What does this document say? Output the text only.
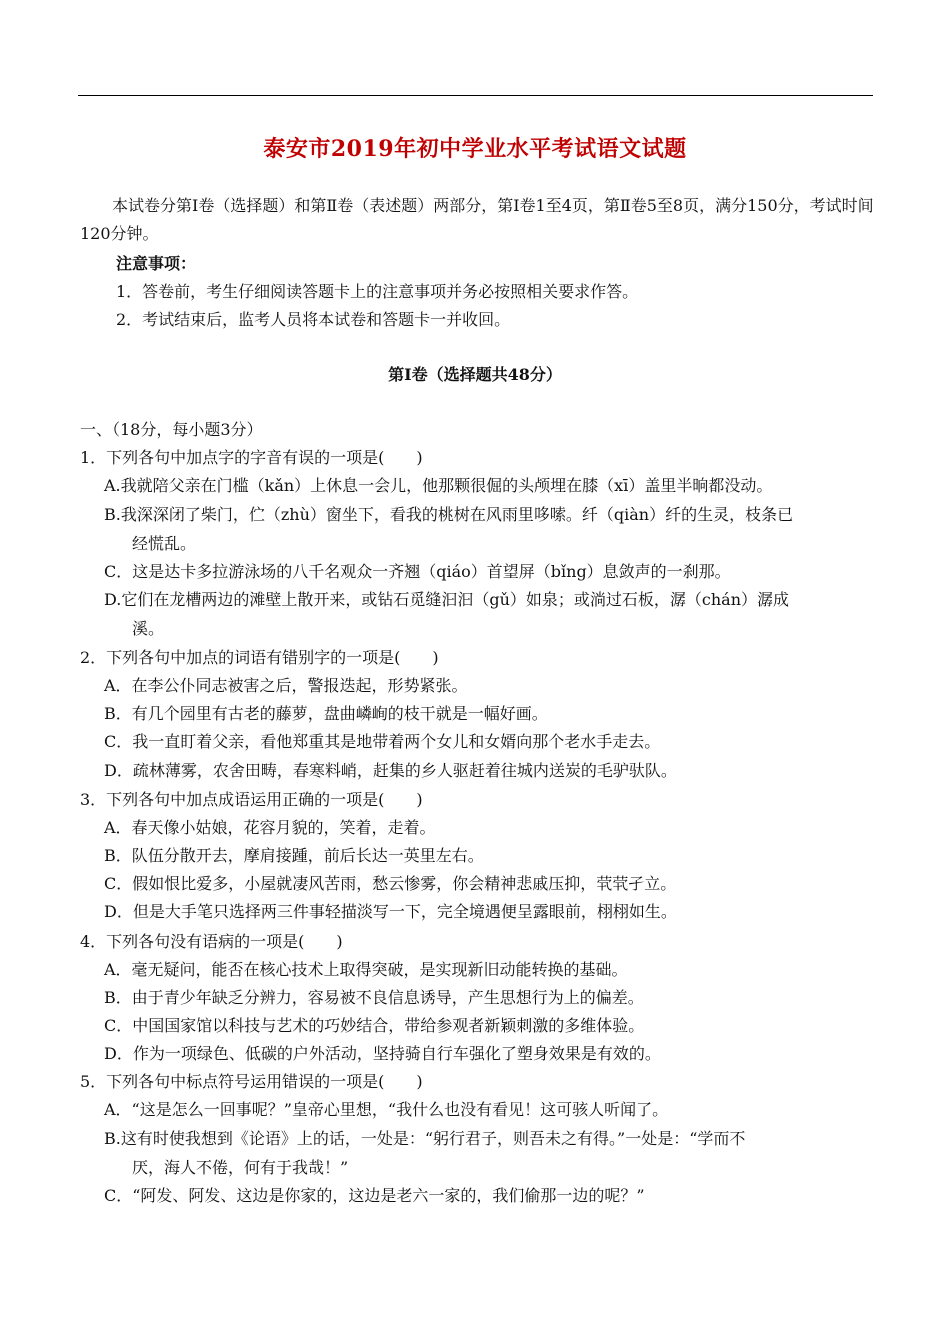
泰安市2019年初中学业水平考试语文试题
本试卷分第Ⅰ卷（选择题）和第Ⅱ卷（表述题）两部分，第Ⅰ卷1至4页，第Ⅱ卷5至8页，满分150分，考试时间120分钟。
注意事项：
1．答卷前，考生仔细阅读答题卡上的注意事项并务必按照相关要求作答。
2．考试结束后，监考人员将本试卷和答题卡一并收回。
第Ⅰ卷（选择题共48分）
一、（18分，每小题3分）
1．下列各句中加点字的字音有误的一项是(　　)
A.我就陪父亲在门槛（kǎn）上休息一会儿，他那颗很倔的头颅埋在膝（xī）盖里半晌都没动。
B.我深深闭了柴门，伫（zhù）窗坐下，看我的桃树在风雨里哆嗦。纤（qiàn）纤的生灵，枝条已
经慌乱。
C．这是达卡多拉游泳场的八千名观众一齐翘（qiáo）首望屏（bǐng）息敛声的一刹那。
D.它们在龙槽两边的滩壁上散开来，或钻石觅缝汩汩（gǔ）如泉；或淌过石板，潺（chán）潺成
溪。
2．下列各句中加点的词语有错别字的一项是(　　)
A．在李公仆同志被害之后，警报迭起，形势紧张。
B．有几个园里有古老的藤萝，盘曲嶙峋的枝干就是一幅好画。
C．我一直盯着父亲，看他郑重其是地带着两个女儿和女婿向那个老水手走去。
D．疏林薄雾，农舍田畴，春寒料峭，赶集的乡人驱赶着往城内送炭的毛驴驮队。
3．下列各句中加点成语运用正确的一项是(　　)
A．春天像小姑娘，花容月貌的，笑着，走着。
B．队伍分散开去，摩肩接踵，前后长达一英里左右。
C．假如恨比爱多，小屋就凄风苦雨，愁云惨雾，你会精神悲戚压抑，茕茕孑立。
D．但是大手笔只选择两三件事轻描淡写一下，完全境遇便呈露眼前，栩栩如生。
4．下列各句没有语病的一项是(　　)
A．毫无疑问，能否在核心技术上取得突破，是实现新旧动能转换的基础。
B．由于青少年缺乏分辨力，容易被不良信息诱导，产生思想行为上的偏差。
C．中国国家馆以科技与艺术的巧妙结合，带给参观者新颖刺激的多维体验。
D．作为一项绿色、低碳的户外活动，坚持骑自行车强化了塑身效果是有效的。
5．下列各句中标点符号运用错误的一项是(　　)
A．“这是怎么一回事呢？”皇帝心里想，“我什么也没有看见！这可骇人听闻了。
B.这有时使我想到《论语》上的话，一处是：“躬行君子，则吾未之有得。”一处是：“学而不
厌，海人不倦，何有于我哉！”
C．“阿发、阿发、这边是你家的，这边是老六一家的，我们偷那一边的呢？”
